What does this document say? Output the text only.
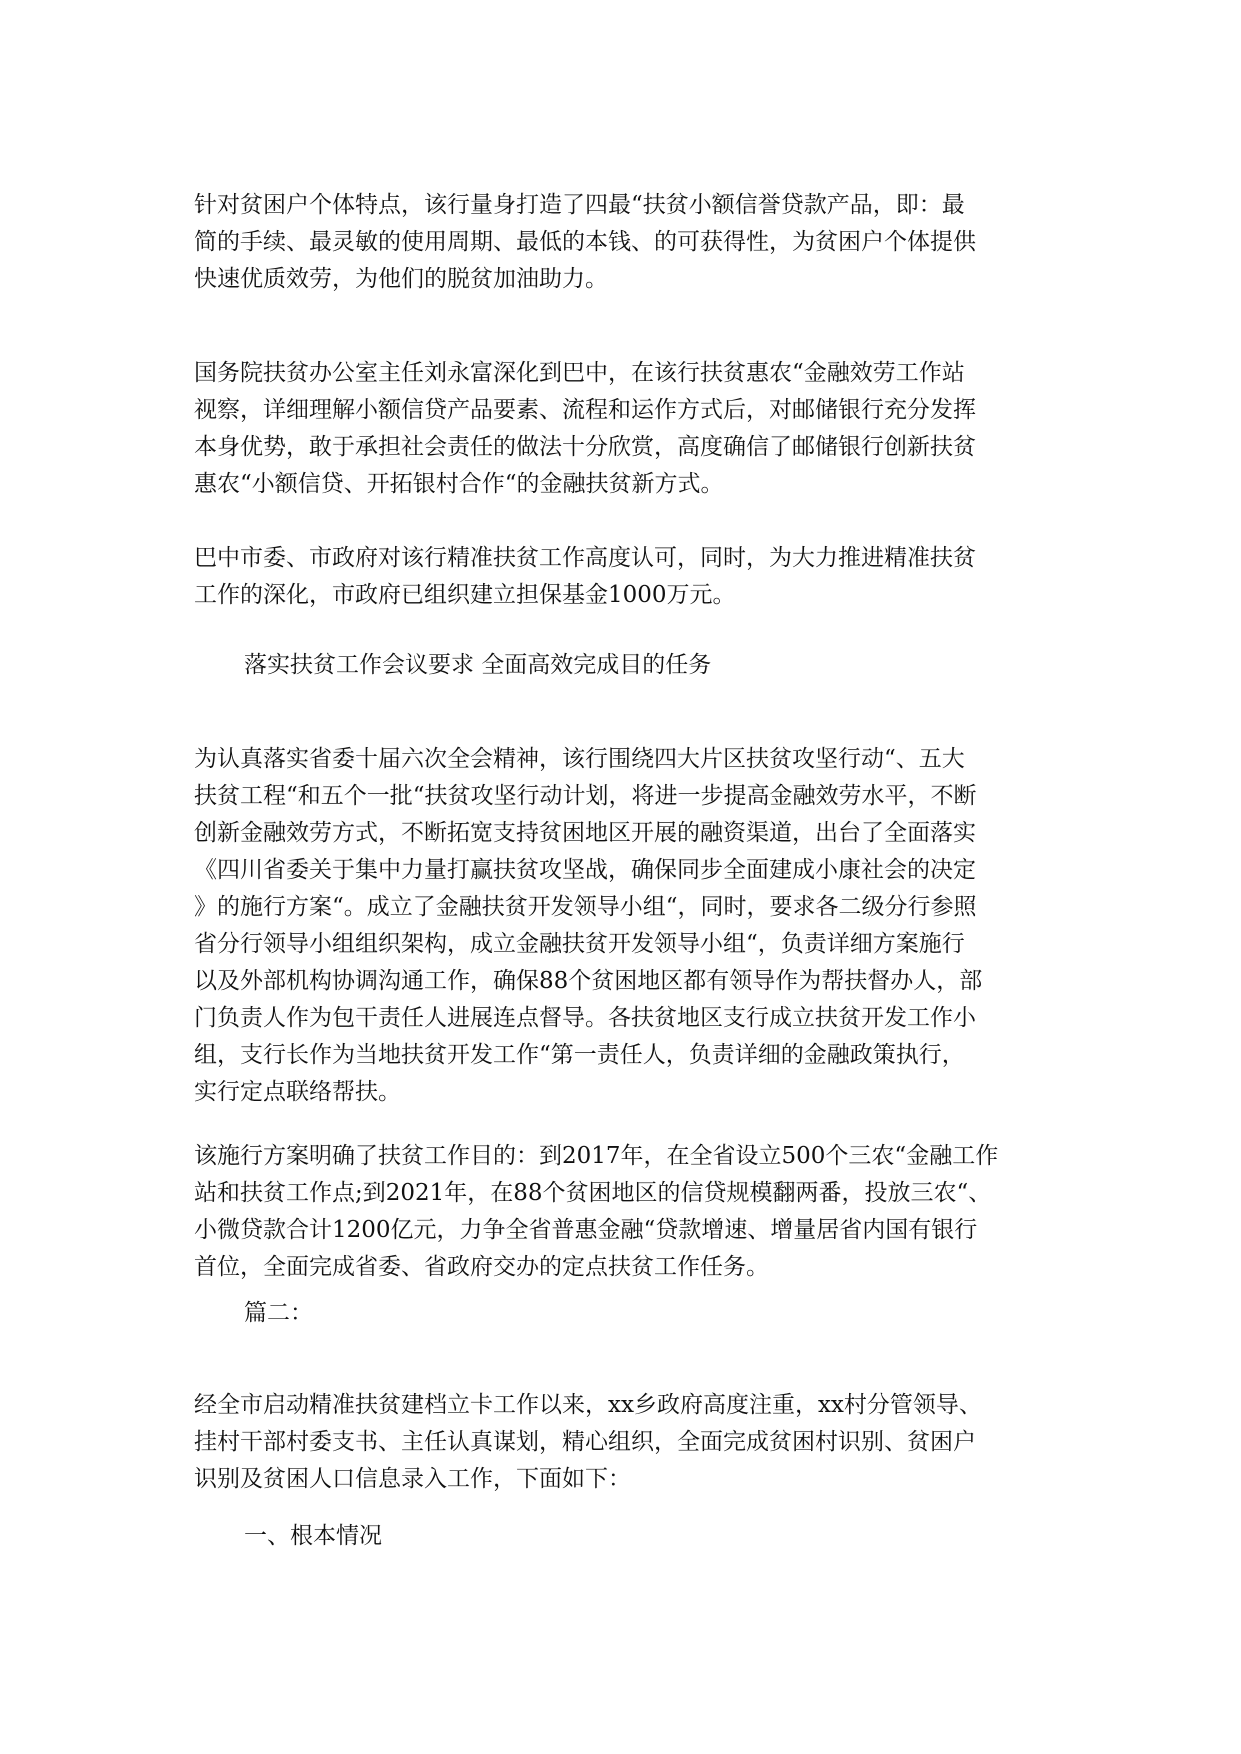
针对贫困户个体特点，该行量身打造了四最“扶贫小额信誉贷款产品，即：最
简的手续、最灵敏的使用周期、最低的本钱、的可获得性，为贫困户个体提供
快速优质效劳，为他们的脱贫加油助力。
国务院扶贫办公室主任刘永富深化到巴中，在该行扶贫惠农“金融效劳工作站
视察，详细理解小额信贷产品要素、流程和运作方式后，对邮储银行充分发挥
本身优势，敢于承担社会责任的做法十分欣赏，高度确信了邮储银行创新扶贫
惠农“小额信贷、开拓银村合作“的金融扶贫新方式。
巴中市委、市政府对该行精准扶贫工作高度认可，同时，为大力推进精准扶贫
工作的深化，市政府已组织建立担保基金1000万元。
落实扶贫工作会议要求 全面高效完成目的任务
为认真落实省委十届六次全会精神，该行围绕四大片区扶贫攻坚行动“、五大
扶贫工程“和五个一批“扶贫攻坚行动计划，将进一步提高金融效劳水平，不断
创新金融效劳方式，不断拓宽支持贫困地区开展的融资渠道，出台了全面落实
《四川省委关于集中力量打赢扶贫攻坚战，确保同步全面建成小康社会的决定
》的施行方案“。成立了金融扶贫开发领导小组“，同时，要求各二级分行参照
省分行领导小组组织架构，成立金融扶贫开发领导小组“，负责详细方案施行
以及外部机构协调沟通工作，确保88个贫困地区都有领导作为帮扶督办人，部
门负责人作为包干责任人进展连点督导。各扶贫地区支行成立扶贫开发工作小
组，支行长作为当地扶贫开发工作“第一责任人，负责详细的金融政策执行，
实行定点联络帮扶。
该施行方案明确了扶贫工作目的：到2017年，在全省设立500个三农“金融工作
站和扶贫工作点;到2021年，在88个贫困地区的信贷规模翻两番，投放三农“、
小微贷款合计1200亿元，力争全省普惠金融“贷款增速、增量居省内国有银行
首位，全面完成省委、省政府交办的定点扶贫工作任务。
篇二：
经全市启动精准扶贫建档立卡工作以来，xx乡政府高度注重，xx村分管领导、
挂村干部村委支书、主任认真谋划，精心组织，全面完成贫困村识别、贫困户
识别及贫困人口信息录入工作，下面如下：
一、根本情况
